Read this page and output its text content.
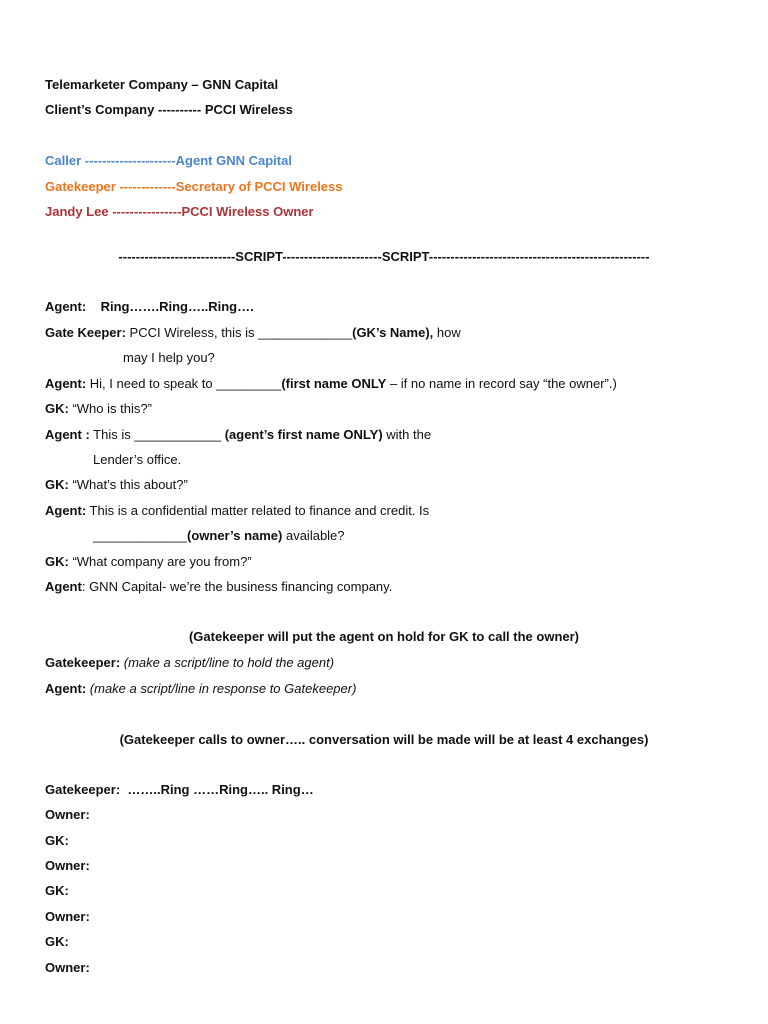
Telemarketer Company – GNN Capital
Client’s Company ---------- PCCI Wireless
Caller ---------------------Agent GNN Capital
Gatekeeper -------------Secretary of PCCI Wireless
Jandy Lee ----------------PCCI Wireless Owner
---------------------------SCRIPT-----------------------SCRIPT---------------------------------------------------
Agent:    Ring…….Ring…..Ring….
Gate Keeper: PCCI Wireless, this is _____________(GK’s Name), how
may I help you?
Agent: Hi, I need to speak to _________(first name ONLY – if no name in record say “the owner”.)
GK: “Who is this?”
Agent : This is ____________ (agent’s first name ONLY) with the
Lender’s office.
GK: “What’s this about?”
Agent: This is a confidential matter related to finance and credit. Is
_____________(owner’s name) available?
GK: “What company are you from?”
Agent: GNN Capital- we’re the business financing company.
(Gatekeeper will put the agent on hold for GK to call the owner)
Gatekeeper: (make a script/line to hold the agent)
Agent: (make a script/line in response to Gatekeeper)
(Gatekeeper calls to owner….. conversation will be made will be at least 4 exchanges)
Gatekeeper:  ……..Ring ……Ring….. Ring…
Owner:
GK:
Owner:
GK:
Owner:
GK:
Owner:
